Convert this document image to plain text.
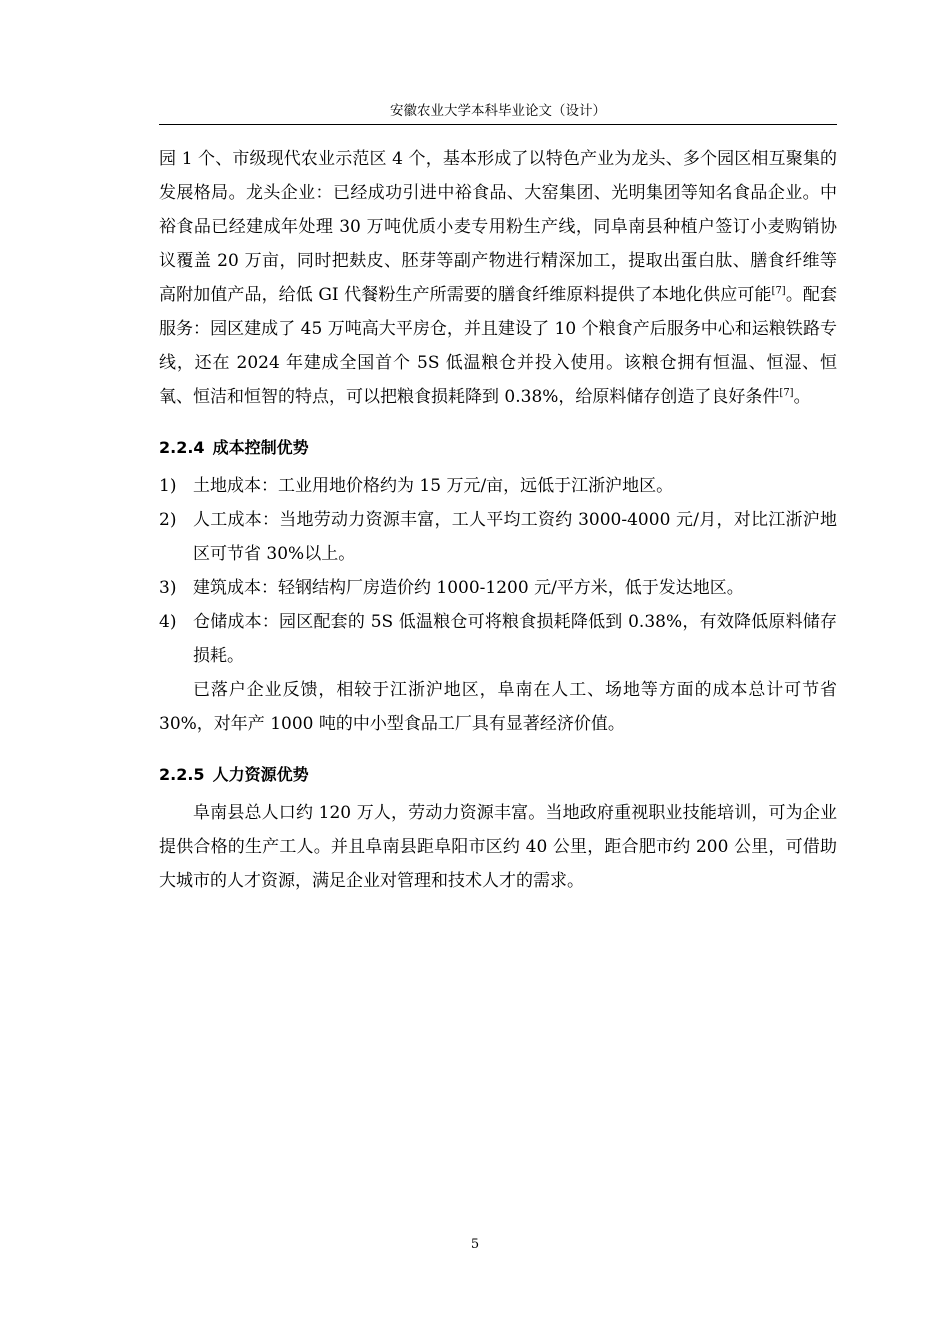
安徽农业大学本科毕业论文（设计）

园 1 个、市级现代农业示范区 4 个，基本形成了以特色产业为龙头、多个园区相互聚集的发展格局。龙头企业：已经成功引进中裕食品、大窑集团、光明集团等知名食品企业。中裕食品已经建成年处理 30 万吨优质小麦专用粉生产线，同阜南县种植户签订小麦购销协议覆盖 20 万亩，同时把麸皮、胚芽等副产物进行精深加工，提取出蛋白肽、膳食纤维等高附加值产品，给低 GI 代餐粉生产所需要的膳食纤维原料提供了本地化供应可能[7]。配套服务：园区建成了 45 万吨高大平房仓，并且建设了 10 个粮食产后服务中心和运粮铁路专线，还在 2024 年建成全国首个 5S 低温粮仓并投入使用。该粮仓拥有恒温、恒湿、恒氧、恒洁和恒智的特点，可以把粮食损耗降到 0.38%，给原料储存创造了良好条件[7]。

2.2.4 成本控制优势
1) 土地成本：工业用地价格约为 15 万元/亩，远低于江浙沪地区。
2) 人工成本：当地劳动力资源丰富，工人平均工资约 3000-4000 元/月，对比江浙沪地区可节省 30%以上。
3) 建筑成本：轻钢结构厂房造价约 1000-1200 元/平方米，低于发达地区。
4) 仓储成本：园区配套的 5S 低温粮仓可将粮食损耗降低到 0.38%，有效降低原料储存损耗。

已落户企业反馈，相较于江浙沪地区，阜南在人工、场地等方面的成本总计可节省 30%，对年产 1000 吨的中小型食品工厂具有显著经济价值。

2.2.5 人力资源优势

阜南县总人口约 120 万人，劳动力资源丰富。当地政府重视职业技能培训，可为企业提供合格的生产工人。并且阜南县距阜阳市区约 40 公里，距合肥市约 200 公里，可借助大城市的人才资源，满足企业对管理和技术人才的需求。

5
